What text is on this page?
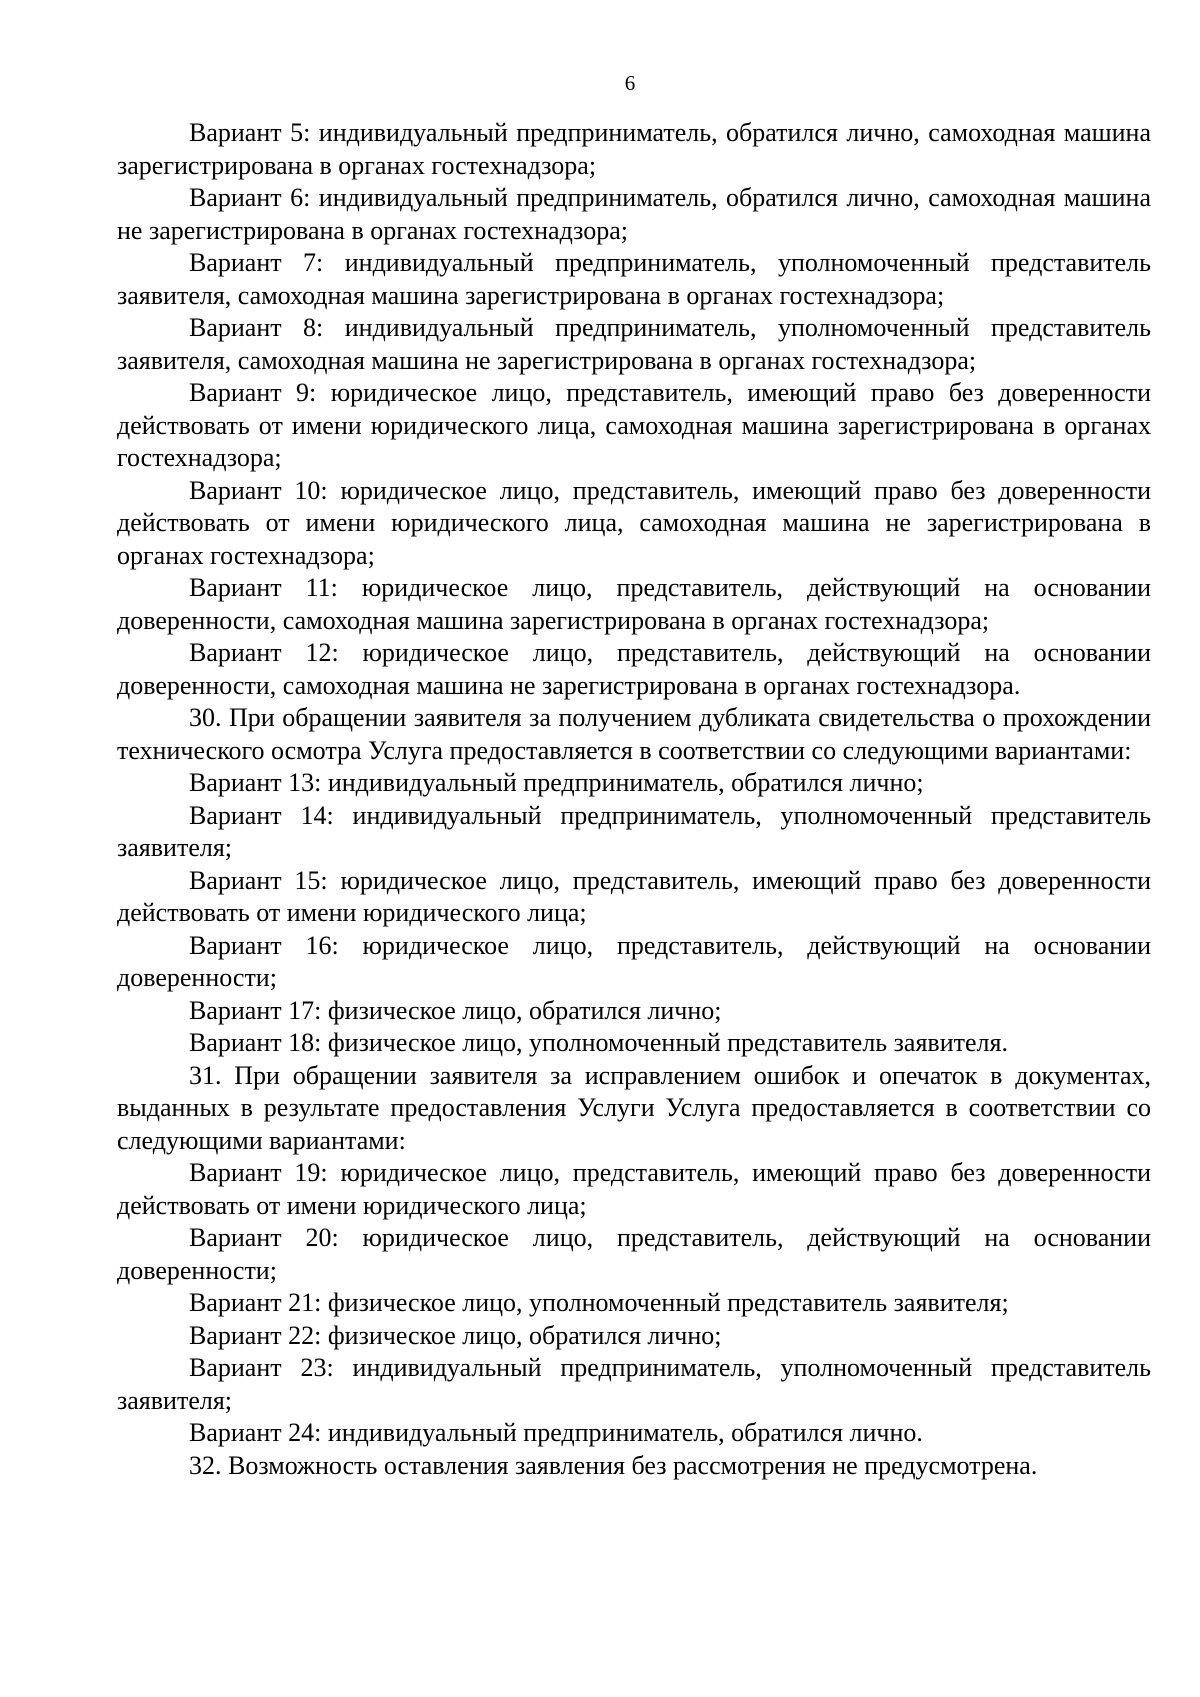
6

Вариант 5: индивидуальный предприниматель, обратился лично, самоходная машина зарегистрирована в органах гостехнадзора;

Вариант 6: индивидуальный предприниматель, обратился лично, самоходная машина не зарегистрирована в органах гостехнадзора;

Вариант 7: индивидуальный предприниматель, уполномоченный представитель заявителя, самоходная машина зарегистрирована в органах гостехнадзора;

Вариант 8: индивидуальный предприниматель, уполномоченный представитель заявителя, самоходная машина не зарегистрирована в органах гостехнадзора;

Вариант 9: юридическое лицо, представитель, имеющий право без доверенности действовать от имени юридического лица, самоходная машина зарегистрирована в органах гостехнадзора;

Вариант 10: юридическое лицо, представитель, имеющий право без доверенности действовать от имени юридического лица, самоходная машина не зарегистрирована в органах гостехнадзора;

Вариант 11: юридическое лицо, представитель, действующий на основании доверенности, самоходная машина зарегистрирована в органах гостехнадзора;

Вариант 12: юридическое лицо, представитель, действующий на основании доверенности, самоходная машина не зарегистрирована в органах гостехнадзора.

30. При обращении заявителя за получением дубликата свидетельства о прохождении технического осмотра Услуга предоставляется в соответствии со следующими вариантами:

Вариант 13: индивидуальный предприниматель, обратился лично;

Вариант 14: индивидуальный предприниматель, уполномоченный представитель заявителя;

Вариант 15: юридическое лицо, представитель, имеющий право без доверенности действовать от имени юридического лица;

Вариант 16: юридическое лицо, представитель, действующий на основании доверенности;

Вариант 17: физическое лицо, обратился лично;

Вариант 18: физическое лицо, уполномоченный представитель заявителя.

31. При обращении заявителя за исправлением ошибок и опечаток в документах, выданных в результате предоставления Услуги Услуга предоставляется в соответствии со следующими вариантами:

Вариант 19: юридическое лицо, представитель, имеющий право без доверенности действовать от имени юридического лица;

Вариант 20: юридическое лицо, представитель, действующий на основании доверенности;

Вариант 21: физическое лицо, уполномоченный представитель заявителя;

Вариант 22: физическое лицо, обратился лично;

Вариант 23: индивидуальный предприниматель, уполномоченный представитель заявителя;

Вариант 24: индивидуальный предприниматель, обратился лично.

32. Возможность оставления заявления без рассмотрения не предусмотрена.
